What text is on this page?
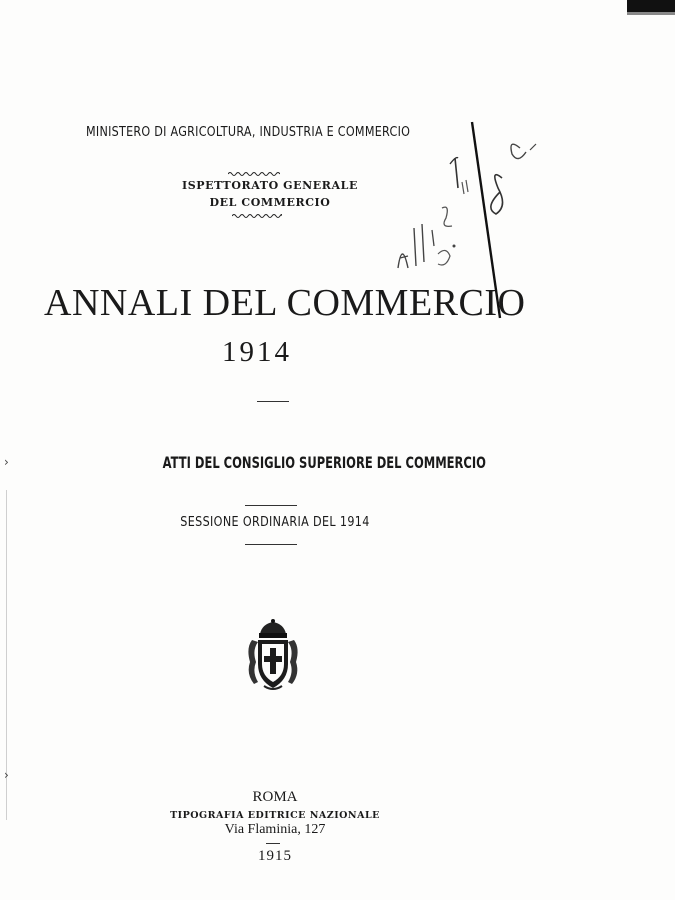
›
›
MINISTERO DI AGRICOLTURA, INDUSTRIA E COMMERCIO
ISPETTORATO GENERALE
DEL COMMERCIO
ANNALI DEL COMMERCIO
1914
ATTI DEL CONSIGLIO SUPERIORE DEL COMMERCIO
SESSIONE ORDINARIA DEL 1914
ROMA
TIPOGRAFIA EDITRICE NAZIONALE
Via Flaminia, 127
1915
